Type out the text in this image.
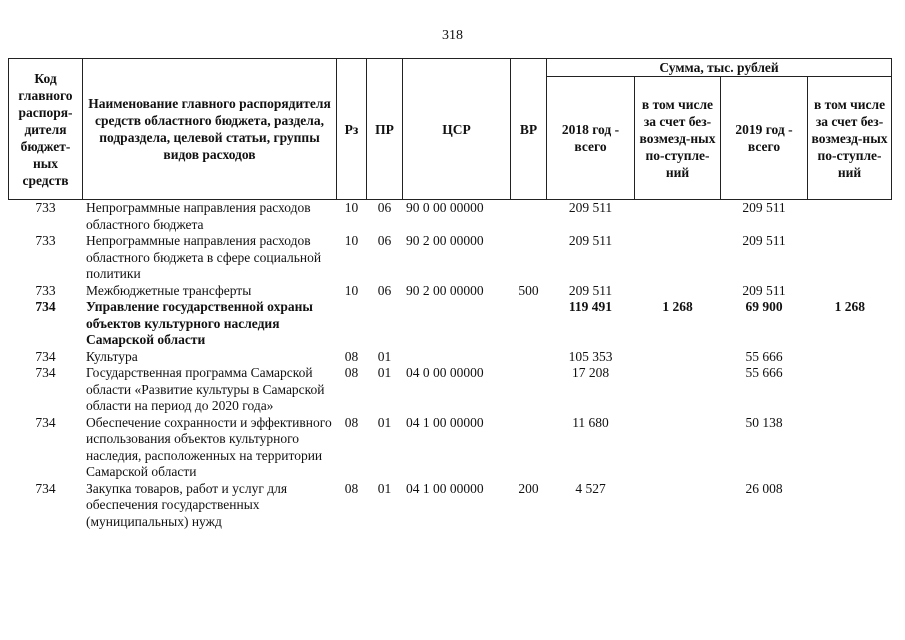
318
Код главного распоря-дителя бюджет-ных средств	Наименование главного распорядителя средств областного бюджета, раздела, подраздела, целевой статьи, группы видов расходов	Рз	ПР	ЦСР	ВР	Сумма, тыс. рублей			
						2018 год - всего	в том числе за счет без-возмезд-ных по-ступле-ний	2019 год - всего	в том числе за счет без-возмезд-ных по-ступле-ний
733	Непрограммные направления расходов областного бюджета	10	06	90 0 00 00000		209 511		209 511	
733	Непрограммные направления расходов областного бюджета в сфере социальной политики	10	06	90 2 00 00000		209 511		209 511	
733	Межбюджетные трансферты	10	06	90 2 00 00000	500	209 511		209 511	
734	Управление государственной охраны объектов культурного наследия Самарской области					119 491	1 268	69 900	1 268
734	Культура	08	01			105 353		55 666	
734	Государственная программа Самарской области «Развитие культуры в Самарской области на период до 2020 года»	08	01	04 0 00 00000		17 208		55 666	
734	Обеспечение сохранности и эффективного использования объектов культурного наследия, расположенных на территории Самарской области	08	01	04 1 00 00000		11 680		50 138	
734	Закупка товаров, работ и услуг для обеспечения государственных (муниципальных) нужд	08	01	04 1 00 00000	200	4 527		26 008	
